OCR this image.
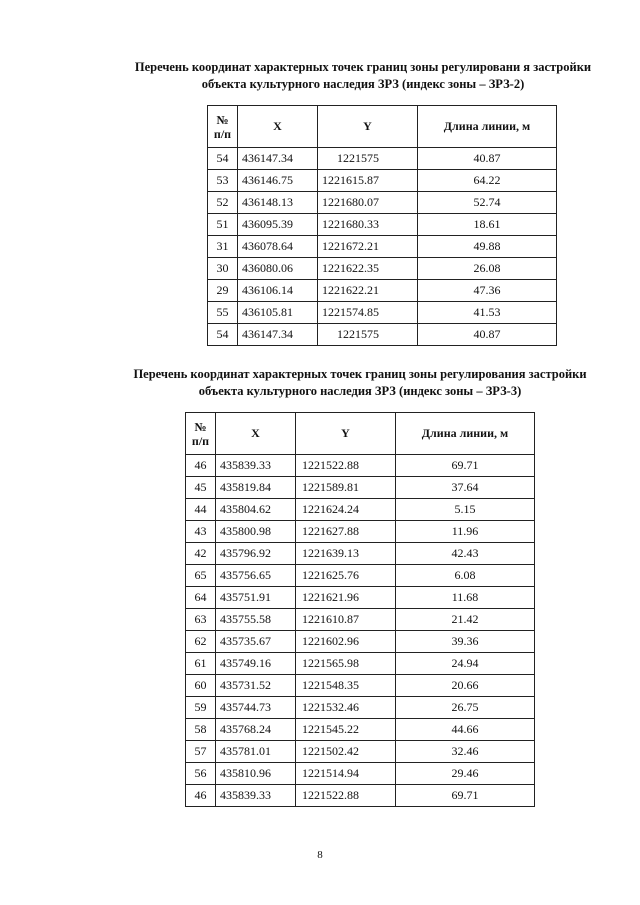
Перечень координат характерных точек границ зоны регулировани я застройки
объекта культурного наследия ЗРЗ (индекс зоны – ЗРЗ-2)
№ п/п	X	Y	Длина линии, м
54	436147.34	1221575	40.87
53	436146.75	1221615.87	64.22
52	436148.13	1221680.07	52.74
51	436095.39	1221680.33	18.61
31	436078.64	1221672.21	49.88
30	436080.06	1221622.35	26.08
29	436106.14	1221622.21	47.36
55	436105.81	1221574.85	41.53
54	436147.34	1221575	40.87
Перечень координат характерных точек границ зоны регулирования застройки
объекта культурного наследия ЗРЗ (индекс зоны – ЗРЗ-3)
№ п/п	X	Y	Длина линии, м
46	435839.33	1221522.88	69.71
45	435819.84	1221589.81	37.64
44	435804.62	1221624.24	5.15
43	435800.98	1221627.88	11.96
42	435796.92	1221639.13	42.43
65	435756.65	1221625.76	6.08
64	435751.91	1221621.96	11.68
63	435755.58	1221610.87	21.42
62	435735.67	1221602.96	39.36
61	435749.16	1221565.98	24.94
60	435731.52	1221548.35	20.66
59	435744.73	1221532.46	26.75
58	435768.24	1221545.22	44.66
57	435781.01	1221502.42	32.46
56	435810.96	1221514.94	29.46
46	435839.33	1221522.88	69.71
8
